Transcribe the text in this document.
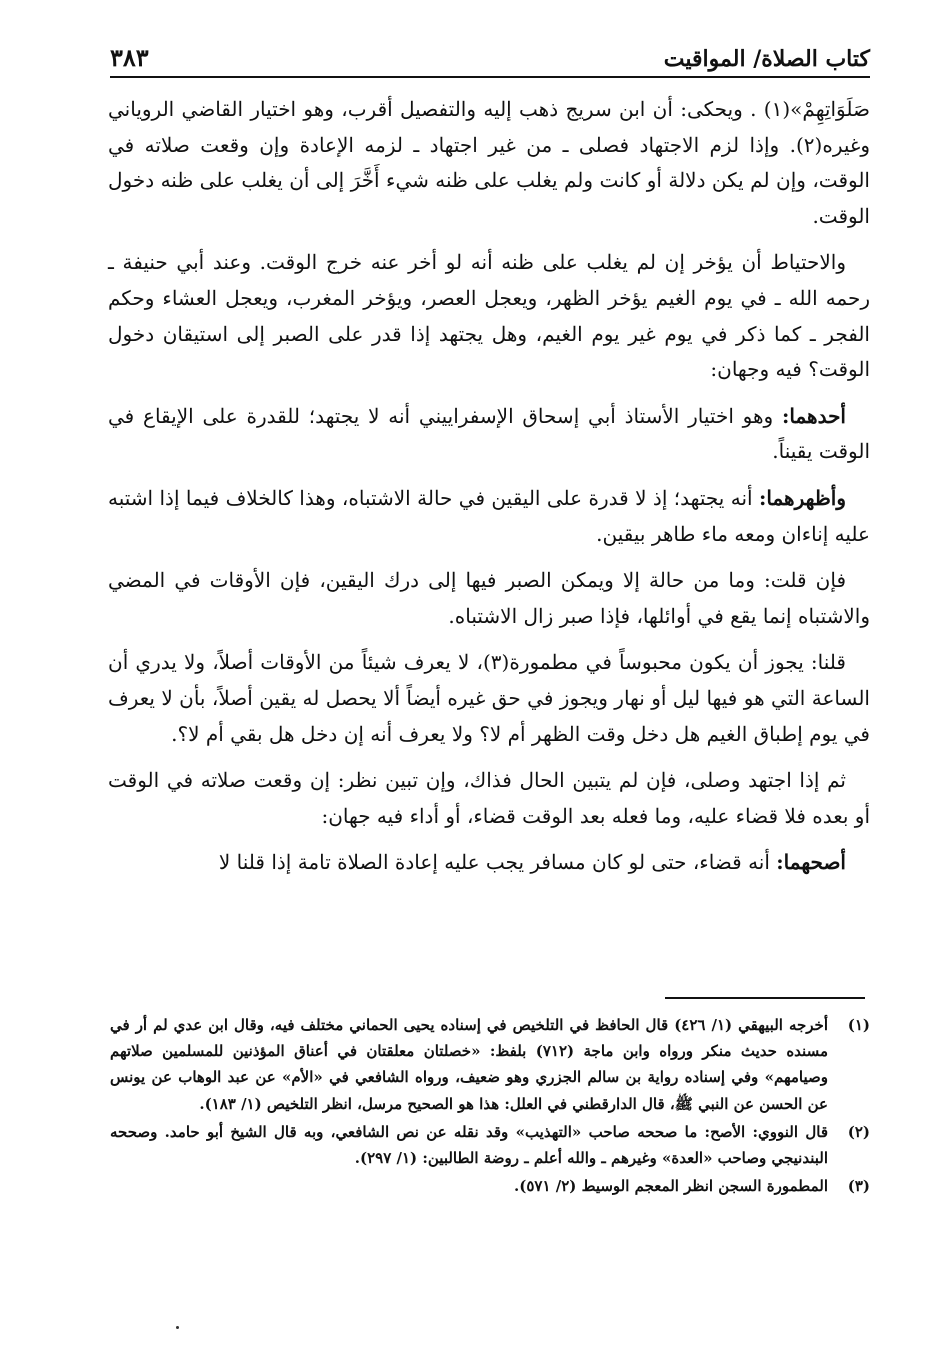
كتاب الصلاة/ المواقيت
٣٨٣

صَلَوَاتِهِمْ»(١) . ويحكى: أن ابن سريج ذهب إليه والتفصيل أقرب، وهو اختيار القاضي الروياني وغيره(٢). وإذا لزم الاجتهاد فصلى ـ من غير اجتهاد ـ لزمه الإعادة وإن وقعت صلاته في الوقت، وإن لم يكن دلالة أو كانت ولم يغلب على ظنه شيء أَخَّرَ إلى أن يغلب على ظنه دخول الوقت.

والاحتياط أن يؤخر إن لم يغلب على ظنه أنه لو أخر عنه خرج الوقت. وعند أبي حنيفة ـ رحمه الله ـ في يوم الغيم يؤخر الظهر، ويعجل العصر، ويؤخر المغرب، ويعجل العشاء وحكم الفجر ـ كما ذكر في يوم غير يوم الغيم، وهل يجتهد إذا قدر على الصبر إلى استيقان دخول الوقت؟ فيه وجهان:

أحدهما: وهو اختيار الأستاذ أبي إسحاق الإسفراييني أنه لا يجتهد؛ للقدرة على الإيقاع في الوقت يقيناً.

وأظهرهما: أنه يجتهد؛ إذ لا قدرة على اليقين في حالة الاشتباه، وهذا كالخلاف فيما إذا اشتبه عليه إناءان ومعه ماء طاهر بيقين.

فإن قلت: وما من حالة إلا ويمكن الصبر فيها إلى درك اليقين، فإن الأوقات في المضي والاشتباه إنما يقع في أوائلها، فإذا صبر زال الاشتباه.

قلنا: يجوز أن يكون محبوساً في مطمورة(٣)، لا يعرف شيئاً من الأوقات أصلاً، ولا يدري أن الساعة التي هو فيها ليل أو نهار ويجوز في حق غيره أيضاً ألا يحصل له يقين أصلاً، بأن لا يعرف في يوم إطباق الغيم هل دخل وقت الظهر أم لا؟ ولا يعرف أنه إن دخل هل بقي أم لا؟.

ثم إذا اجتهد وصلى، فإن لم يتبين الحال فذاك، وإن تبين نظر: إن وقعت صلاته في الوقت أو بعده فلا قضاء عليه، وما فعله بعد الوقت قضاء، أو أداء فيه جهان:

أصحهما: أنه قضاء، حتى لو كان مسافر يجب عليه إعادة الصلاة تامة إذا قلنا لا

(١)
أخرجه البيهقي (١/ ٤٢٦) قال الحافظ في التلخيص في إسناده يحيى الحماني مختلف فيه، وقال ابن عدي لم أر في مسنده حديث منكر ورواه وابن ماجة (٧١٢) بلفظ: «خصلتان معلقتان في أعناق المؤذنين للمسلمين صلاتهم وصيامهم» وفي إسناده رواية بن سالم الجزري وهو ضعيف، ورواه الشافعي في «الأم» عن عبد الوهاب عن يونس عن الحسن عن النبي ﷺ، قال الدارقطني في العلل: هذا هو الصحيح مرسل، انظر التلخيص (١/ ١٨٣).
(٢)
قال النووي: الأصح: ما صححه صاحب «التهذيب» وقد نقله عن نص الشافعي، وبه قال الشيخ أبو حامد. وصححه البندنيجي وصاحب «العدة» وغيرهم ـ والله أعلم ـ روضة الطالبين: (١/ ٢٩٧).
(٣)
المطمورة السجن انظر المعجم الوسيط (٢/ ٥٧١).
